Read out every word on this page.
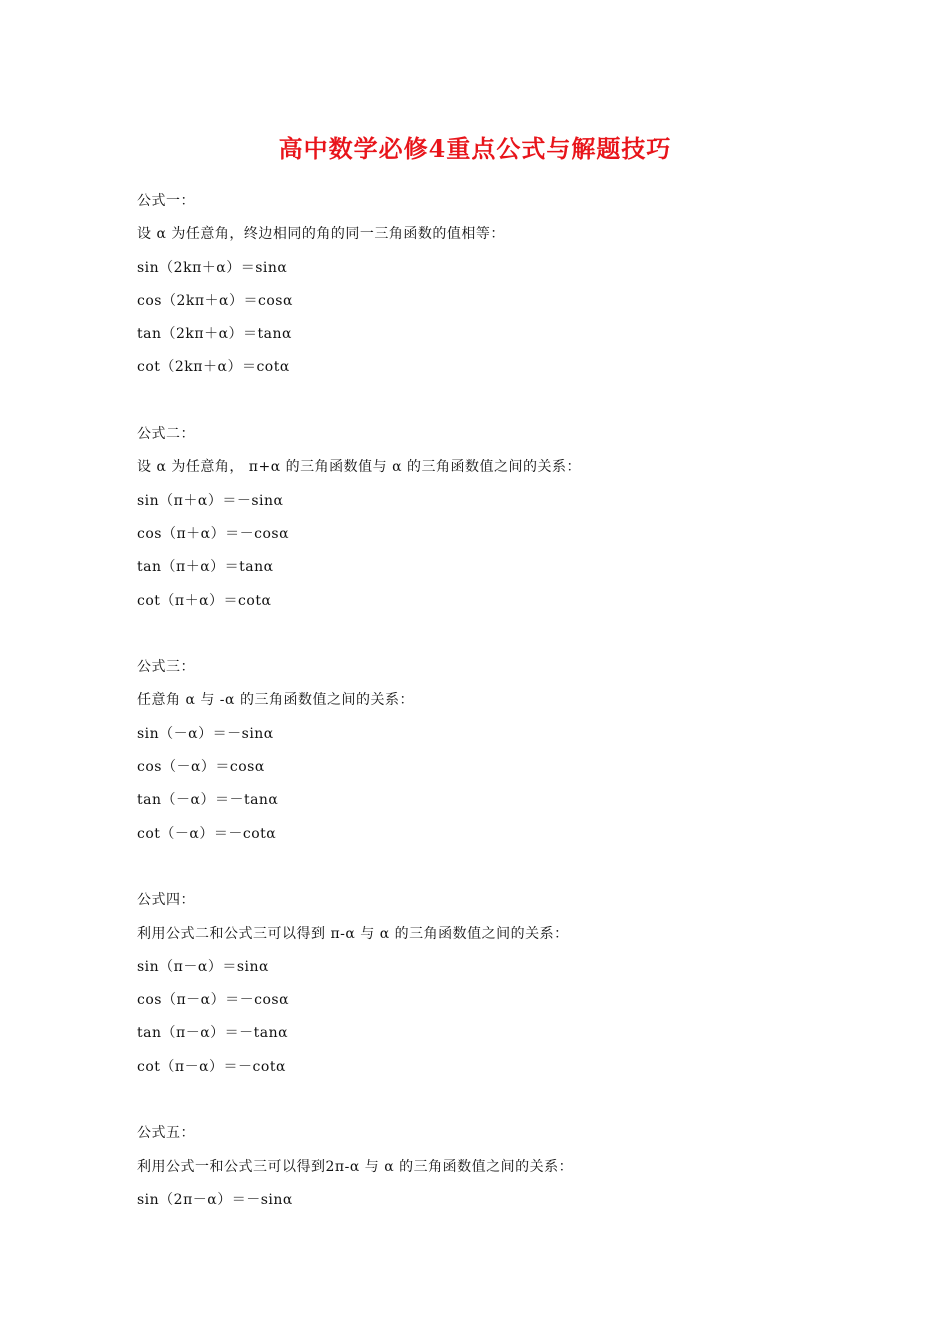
高中数学必修4重点公式与解题技巧

公式一：

设 α 为任意角，终边相同的角的同一三角函数的值相等：

sin（2kπ＋α）＝sinα

cos（2kπ＋α）＝cosα

tan（2kπ＋α）＝tanα

cot（2kπ＋α）＝cotα

公式二：

设 α 为任意角， π+α 的三角函数值与 α 的三角函数值之间的关系：

sin（π＋α）＝－sinα

cos（π＋α）＝－cosα

tan（π＋α）＝tanα

cot（π＋α）＝cotα

公式三：

任意角 α 与 -α 的三角函数值之间的关系：

sin（－α）＝－sinα

cos（－α）＝cosα

tan（－α）＝－tanα

cot（－α）＝－cotα

公式四：

利用公式二和公式三可以得到 π-α 与 α 的三角函数值之间的关系：

sin（π－α）＝sinα

cos（π－α）＝－cosα

tan（π－α）＝－tanα

cot（π－α）＝－cotα

公式五：

利用公式一和公式三可以得到2π-α 与 α 的三角函数值之间的关系：

sin（2π－α）＝－sinα
